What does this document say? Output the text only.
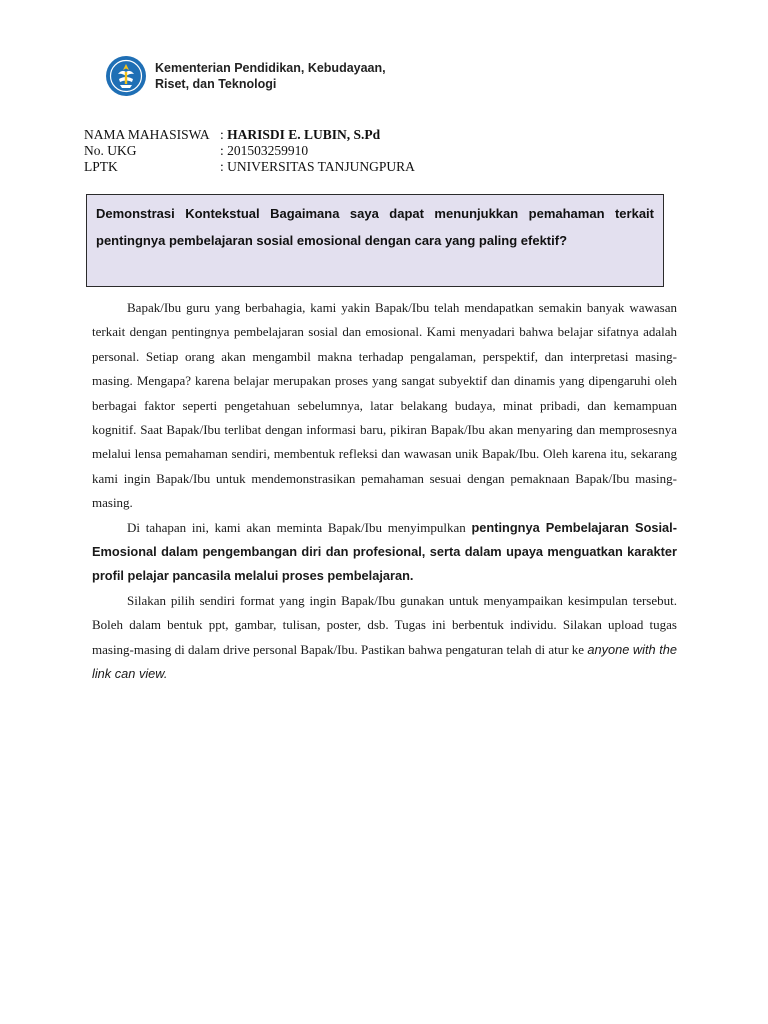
Kementerian Pendidikan, Kebudayaan,
Riset, dan Teknologi
NAMA MAHASISWA : HARISDI E. LUBIN, S.Pd
No. UKG	: 201503259910
LPTK	: UNIVERSITAS TANJUNGPURA
Demonstrasi Kontekstual Bagaimana saya dapat menunjukkan pemahaman terkait pentingnya pembelajaran sosial emosional dengan cara yang paling efektif?

Bapak/Ibu guru yang berbahagia, kami yakin Bapak/Ibu telah mendapatkan semakin banyak wawasan terkait dengan pentingnya pembelajaran sosial dan emosional. Kami menyadari bahwa belajar sifatnya adalah personal. Setiap orang akan mengambil makna terhadap pengalaman, perspektif, dan interpretasi masing-masing. Mengapa? karena belajar merupakan proses yang sangat subyektif dan dinamis yang dipengaruhi oleh berbagai faktor seperti pengetahuan sebelumnya, latar belakang budaya, minat pribadi, dan kemampuan kognitif. Saat Bapak/Ibu terlibat dengan informasi baru, pikiran Bapak/Ibu akan menyaring dan memprosesnya melalui lensa pemahaman sendiri, membentuk refleksi dan wawasan unik Bapak/Ibu. Oleh karena itu, sekarang kami ingin Bapak/Ibu untuk mendemonstrasikan pemahaman sesuai dengan pemaknaan Bapak/Ibu masing-masing.

Di tahapan ini, kami akan meminta Bapak/Ibu menyimpulkan pentingnya Pembelajaran Sosial-Emosional dalam pengembangan diri dan profesional, serta dalam upaya menguatkan karakter profil pelajar pancasila melalui proses pembelajaran.

Silakan pilih sendiri format yang ingin Bapak/Ibu gunakan untuk menyampaikan kesimpulan tersebut. Boleh dalam bentuk ppt, gambar, tulisan, poster, dsb. Tugas ini berbentuk individu. Silakan upload tugas masing-masing di dalam drive personal Bapak/Ibu. Pastikan bahwa pengaturan telah di atur ke anyone with the link can view.
